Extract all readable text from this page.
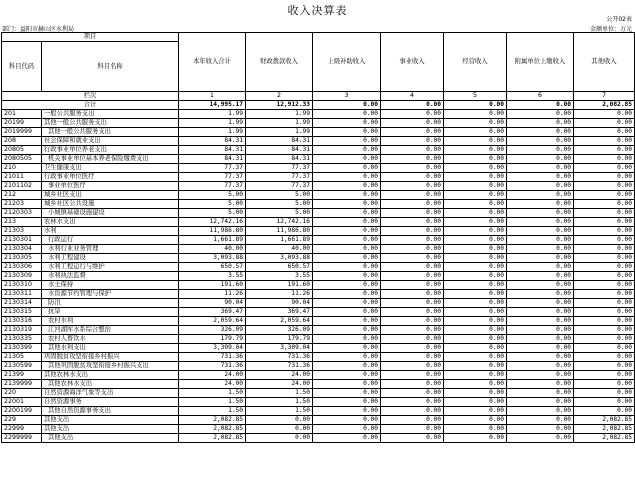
收入决算表
公开02表
部门：益阳市赫山区水利局	金额单位：万元
项目		本年收入合计	财政拨款收入	上级补助收入	事业收入	经营收入	附属单位上缴收入	其他收入
科目代码	科目名称							
栏次		1	2	3	4	5	6	7
合计		14,995.17	12,912.33	0.00	0.00	0.00	0.00	2,082.85
201	一般公共服务支出	1.99	1.99	0.00	0.00	0.00	0.00	0.00
20199	其他一般公共服务支出	1.99	1.99	0.00	0.00	0.00	0.00	0.00
2019999	其他一般公共服务支出	1.99	1.99	0.00	0.00	0.00	0.00	0.00
208	社会保障和就业支出	84.31	84.31	0.00	0.00	0.00	0.00	0.00
20805	行政事业单位养老支出	84.31	84.31	0.00	0.00	0.00	0.00	0.00
2080505	机关事业单位基本养老保险缴费支出	84.31	84.31	0.00	0.00	0.00	0.00	0.00
210	卫生健康支出	77.37	77.37	0.00	0.00	0.00	0.00	0.00
21011	行政事业单位医疗	77.37	77.37	0.00	0.00	0.00	0.00	0.00
2101102	事业单位医疗	77.37	77.37	0.00	0.00	0.00	0.00	0.00
212	城乡社区支出	5.00	5.00	0.00	0.00	0.00	0.00	0.00
21203	城乡社区公共设施	5.00	5.00	0.00	0.00	0.00	0.00	0.00
2120303	小城镇基础设施建设	5.00	5.00	0.00	0.00	0.00	0.00	0.00
213	农林水支出	12,742.16	12,742.16	0.00	0.00	0.00	0.00	0.00
21303	水利	11,986.80	11,986.80	0.00	0.00	0.00	0.00	0.00
2130301	行政运行	1,661.89	1,661.89	0.00	0.00	0.00	0.00	0.00
2130304	水利行业业务管理	40.00	40.00	0.00	0.00	0.00	0.00	0.00
2130305	水利工程建设	3,093.88	3,093.88	0.00	0.00	0.00	0.00	0.00
2130306	水利工程运行与维护	650.57	650.57	0.00	0.00	0.00	0.00	0.00
2130309	水利执法监督	3.55	3.55	0.00	0.00	0.00	0.00	0.00
2130310	水土保持	191.60	191.60	0.00	0.00	0.00	0.00	0.00
2130311	水资源节约管理与保护	11.26	11.26	0.00	0.00	0.00	0.00	0.00
2130314	防汛	90.04	90.04	0.00	0.00	0.00	0.00	0.00
2130315	抗旱	369.47	369.47	0.00	0.00	0.00	0.00	0.00
2130316	农村水利	2,059.64	2,059.64	0.00	0.00	0.00	0.00	0.00
2130319	江河湖库水系综合整治	326.09	326.09	0.00	0.00	0.00	0.00	0.00
2130335	农村人畜饮水	179.79	179.79	0.00	0.00	0.00	0.00	0.00
2130399	其他水利支出	3,309.04	3,309.04	0.00	0.00	0.00	0.00	0.00
21305	巩固脱贫攻坚衔接乡村振兴	731.36	731.36	0.00	0.00	0.00	0.00	0.00
2130599	其他巩固脱贫攻坚衔接乡村振兴支出	731.36	731.36	0.00	0.00	0.00	0.00	0.00
21399	其他农林水支出	24.00	24.00	0.00	0.00	0.00	0.00	0.00
2139999	其他农林水支出	24.00	24.00	0.00	0.00	0.00	0.00	0.00
220	自然资源海洋气象等支出	1.50	1.50	0.00	0.00	0.00	0.00	0.00
22001	自然资源事务	1.50	1.50	0.00	0.00	0.00	0.00	0.00
2200199	其他自然资源事务支出	1.50	1.50	0.00	0.00	0.00	0.00	0.00
229	其他支出	2,082.85	0.00	0.00	0.00	0.00	0.00	2,082.85
22999	其他支出	2,082.85	0.00	0.00	0.00	0.00	0.00	2,082.85
2299999	其他支出	2,082.85	0.00	0.00	0.00	0.00	0.00	2,082.85
